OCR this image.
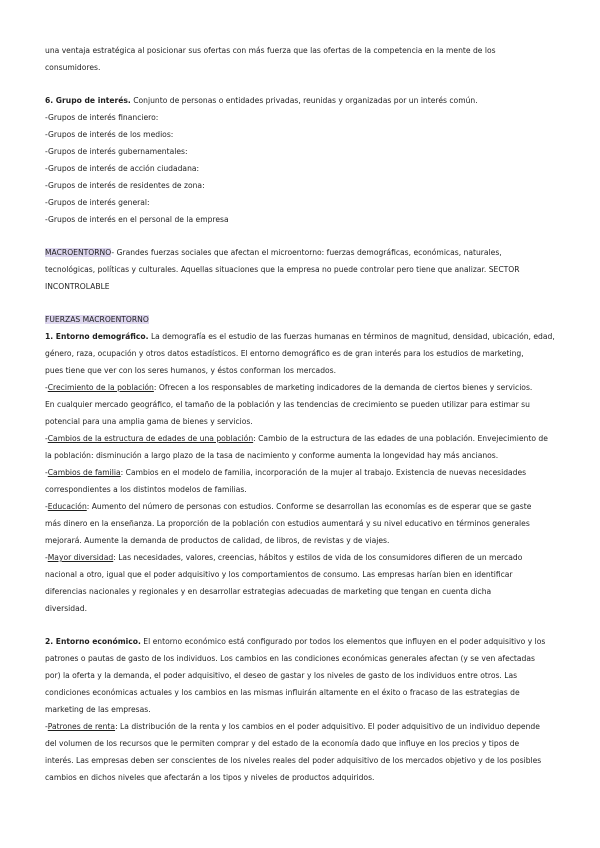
una ventaja estratégica al posicionar sus ofertas con más fuerza que las ofertas de la competencia en la mente de los
consumidores.
6. Grupo de interés. Conjunto de personas o entidades privadas, reunidas y organizadas por un interés común.
-Grupos de interés financiero:
-Grupos de interés de los medios:
-Grupos de interés gubernamentales:
-Grupos de interés de acción ciudadana:
-Grupos de interés de residentes de zona:
-Grupos de interés general:
-Grupos de interés en el personal de la empresa
MACROENTORNO- Grandes fuerzas sociales que afectan el microentorno: fuerzas demográficas, económicas, naturales,
tecnológicas, políticas y culturales. Aquellas situaciones que la empresa no puede controlar pero tiene que analizar. SECTOR
INCONTROLABLE
FUERZAS MACROENTORNO
1. Entorno demográfico. La demografía es el estudio de las fuerzas humanas en términos de magnitud, densidad, ubicación, edad,
género, raza, ocupación y otros datos estadísticos. El entorno demográfico es de gran interés para los estudios de marketing,
pues tiene que ver con los seres humanos, y éstos conforman los mercados.
-Crecimiento de la población: Ofrecen a los responsables de marketing indicadores de la demanda de ciertos bienes y servicios.
En cualquier mercado geográfico, el tamaño de la población y las tendencias de crecimiento se pueden utilizar para estimar su
potencial para una amplia gama de bienes y servicios.
-Cambios de la estructura de edades de una población: Cambio de la estructura de las edades de una población. Envejecimiento de
la población: disminución a largo plazo de la tasa de nacimiento y conforme aumenta la longevidad hay más ancianos.
-Cambios de familia: Cambios en el modelo de familia, incorporación de la mujer al trabajo. Existencia de nuevas necesidades
correspondientes a los distintos modelos de familias.
-Educación: Aumento del número de personas con estudios. Conforme se desarrollan las economías es de esperar que se gaste
más dinero en la enseñanza. La proporción de la población con estudios aumentará y su nivel educativo en términos generales
mejorará. Aumente la demanda de productos de calidad, de libros, de revistas y de viajes.
-Mayor diversidad: Las necesidades, valores, creencias, hábitos y estilos de vida de los consumidores difieren de un mercado
nacional a otro, igual que el poder adquisitivo y los comportamientos de consumo. Las empresas harían bien en identificar
diferencias nacionales y regionales y en desarrollar estrategias adecuadas de marketing que tengan en cuenta dicha
diversidad.
2. Entorno económico. El entorno económico está configurado por todos los elementos que influyen en el poder adquisitivo y los
patrones o pautas de gasto de los individuos. Los cambios en las condiciones económicas generales afectan (y se ven afectadas
por) la oferta y la demanda, el poder adquisitivo, el deseo de gastar y los niveles de gasto de los individuos entre otros. Las
condiciones económicas actuales y los cambios en las mismas influirán altamente en el éxito o fracaso de las estrategias de
marketing de las empresas.
-Patrones de renta: La distribución de la renta y los cambios en el poder adquisitivo. El poder adquisitivo de un individuo depende
del volumen de los recursos que le permiten comprar y del estado de la economía dado que influye en los precios y tipos de
interés. Las empresas deben ser conscientes de los niveles reales del poder adquisitivo de los mercados objetivo y de los posibles
cambios en dichos niveles que afectarán a los tipos y niveles de productos adquiridos.
